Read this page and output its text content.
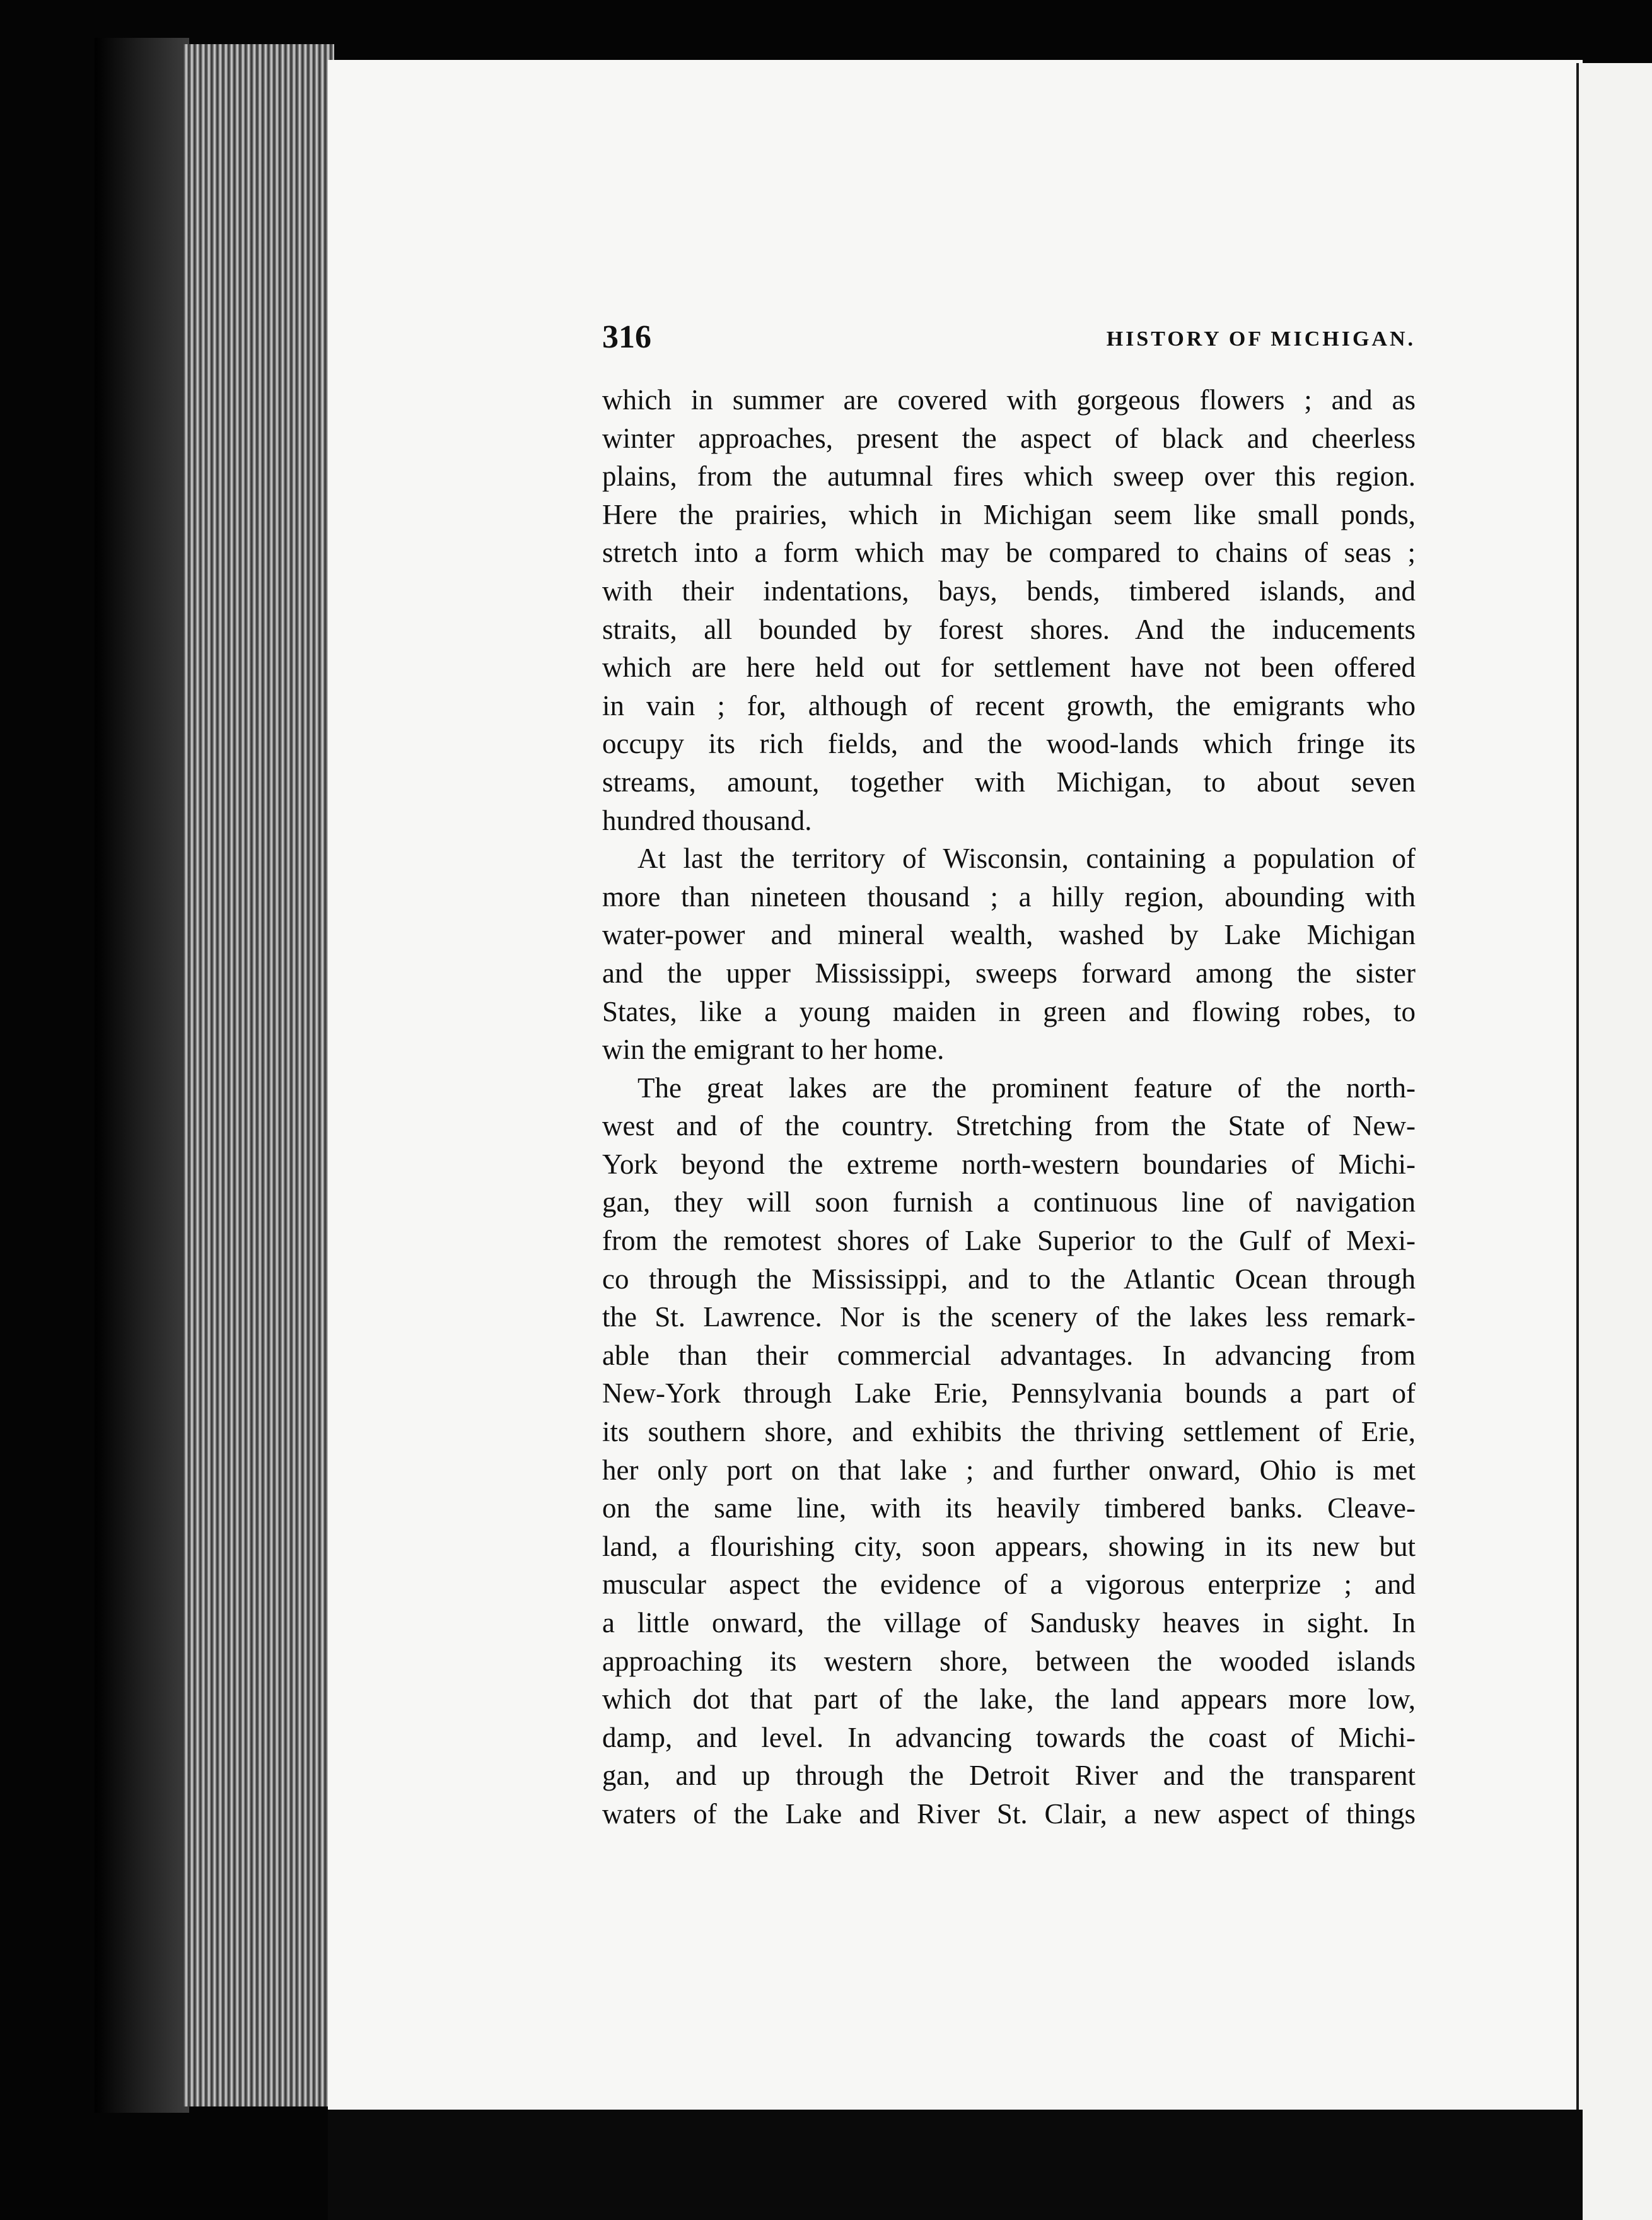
316	HISTORY OF MICHIGAN.
which in summer are covered with gorgeous flowers ; and as
winter approaches, present the aspect of black and cheerless
plains, from the autumnal fires which sweep over this region.
Here the prairies, which in Michigan seem like small ponds,
stretch into a form which may be compared to chains of seas ;
with their indentations, bays, bends, timbered islands, and
straits, all bounded by forest shores. And the inducements
which are here held out for settlement have not been offered
in vain ; for, although of recent growth, the emigrants who
occupy its rich fields, and the wood-lands which fringe its
streams, amount, together with Michigan, to about seven
hundred thousand.
At last the territory of Wisconsin, containing a population of
more than nineteen thousand ; a hilly region, abounding with
water-power and mineral wealth, washed by Lake Michigan
and the upper Mississippi, sweeps forward among the sister
States, like a young maiden in green and flowing robes, to
win the emigrant to her home.
The great lakes are the prominent feature of the north-
west and of the country. Stretching from the State of New-
York beyond the extreme north-western boundaries of Michi-
gan, they will soon furnish a continuous line of navigation
from the remotest shores of Lake Superior to the Gulf of Mexi-
co through the Mississippi, and to the Atlantic Ocean through
the St. Lawrence. Nor is the scenery of the lakes less remark-
able than their commercial advantages. In advancing from
New-York through Lake Erie, Pennsylvania bounds a part of
its southern shore, and exhibits the thriving settlement of Erie,
her only port on that lake ; and further onward, Ohio is met
on the same line, with its heavily timbered banks. Cleave-
land, a flourishing city, soon appears, showing in its new but
muscular aspect the evidence of a vigorous enterprize ; and
a little onward, the village of Sandusky heaves in sight. In
approaching its western shore, between the wooded islands
which dot that part of the lake, the land appears more low,
damp, and level. In advancing towards the coast of Michi-
gan, and up through the Detroit River and the transparent
waters of the Lake and River St. Clair, a new aspect of things
